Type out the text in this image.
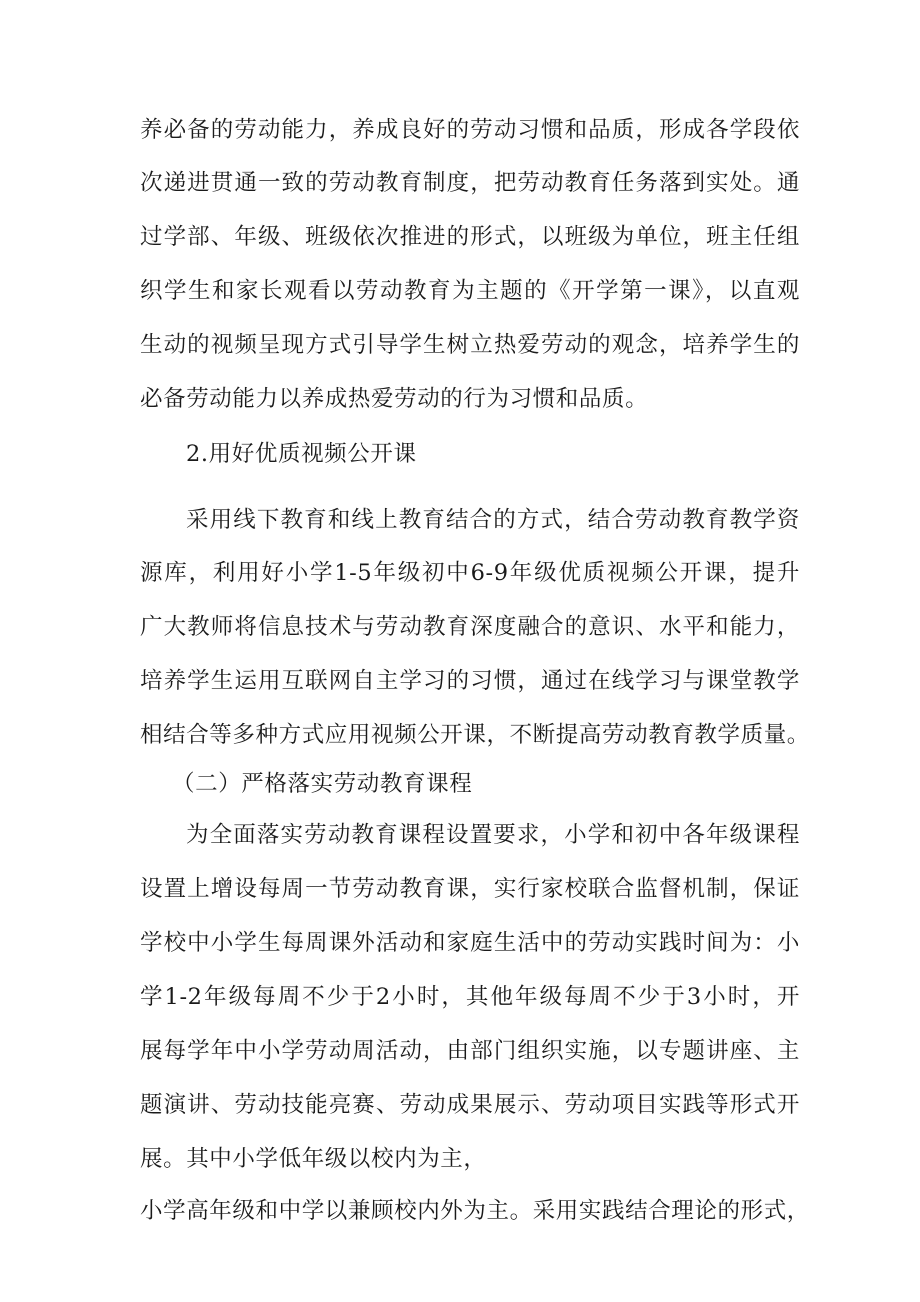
养必备的劳动能力，养成良好的劳动习惯和品质，形成各学段依
次递进贯通一致的劳动教育制度，把劳动教育任务落到实处。通
过学部、年级、班级依次推进的形式，以班级为单位，班主任组
织学生和家长观看以劳动教育为主题的《开学第一课》，以直观
生动的视频呈现方式引导学生树立热爱劳动的观念，培养学生的
必备劳动能力以养成热爱劳动的行为习惯和品质。
2.用好优质视频公开课
采用线下教育和线上教育结合的方式，结合劳动教育教学资
源库，利用好小学1-5年级初中6-9年级优质视频公开课，提升
广大教师将信息技术与劳动教育深度融合的意识、水平和能力，
培养学生运用互联网自主学习的习惯，通过在线学习与课堂教学
相结合等多种方式应用视频公开课，不断提高劳动教育教学质量。
（二）严格落实劳动教育课程
为全面落实劳动教育课程设置要求，小学和初中各年级课程
设置上增设每周一节劳动教育课，实行家校联合监督机制，保证
学校中小学生每周课外活动和家庭生活中的劳动实践时间为：小
学1-2年级每周不少于2小时，其他年级每周不少于3小时，开
展每学年中小学劳动周活动，由部门组织实施，以专题讲座、主
题演讲、劳动技能亮赛、劳动成果展示、劳动项目实践等形式开
展。其中小学低年级以校内为主，
小学高年级和中学以兼顾校内外为主。采用实践结合理论的形式，
